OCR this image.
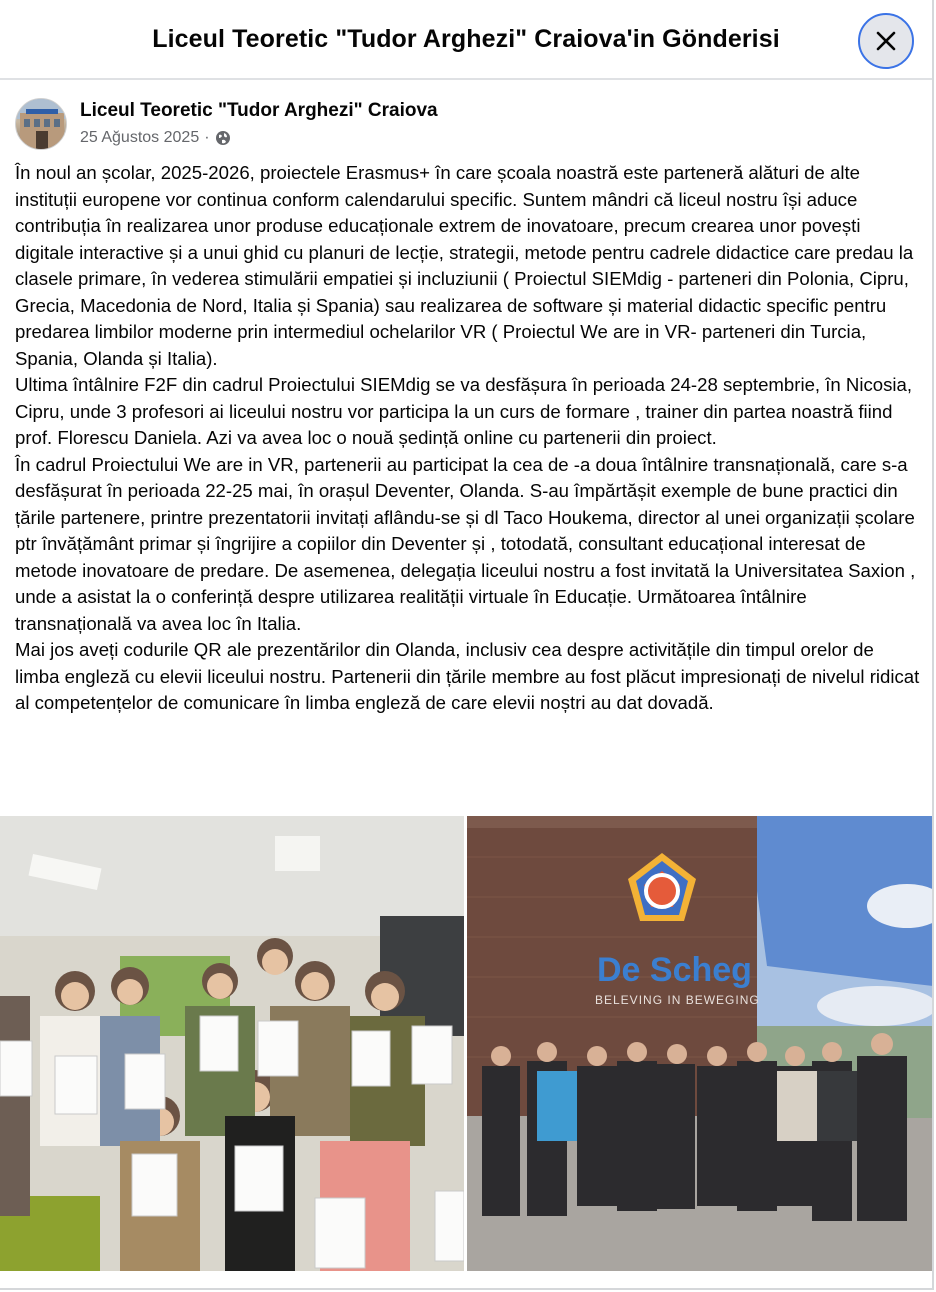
Liceul Teoretic "Tudor Arghezi" Craiova'in Gönderisi
Liceul Teoretic "Tudor Arghezi" Craiova
25 Ağustos 2025 ·

În noul an școlar, 2025-2026, proiectele Erasmus+ în care școala noastră este parteneră alături de alte instituții europene vor continua conform calendarului specific. Suntem mândri că liceul nostru își aduce contribuția în realizarea unor produse educaționale extrem de inovatoare, precum crearea unor povești digitale interactive și a unui ghid cu planuri de lecție, strategii, metode pentru cadrele didactice care predau la clasele primare, în vederea stimulării empatiei și incluziunii ( Proiectul SIEMdig - parteneri din Polonia, Cipru, Grecia, Macedonia de Nord, Italia și Spania) sau realizarea de software și material didactic specific pentru predarea limbilor moderne prin intermediul ochelarilor VR ( Proiectul We are in VR- parteneri din Turcia, Spania, Olanda și Italia).

Ultima întâlnire F2F din cadrul Proiectului SIEMdig se va desfășura în perioada 24-28 septembrie, în Nicosia, Cipru, unde 3 profesori ai liceului nostru vor participa la un curs de formare , trainer din partea noastră fiind prof. Florescu Daniela. Azi va avea loc o nouă ședință online cu partenerii din proiect.

În cadrul Proiectului We are in VR, partenerii au participat la cea de -a doua întâlnire transnațională, care s-a desfășurat în perioada 22-25 mai, în orașul Deventer, Olanda. S-au împărtășit exemple de bune practici din țările partenere, printre prezentatorii invitați aflându-se și dl Taco Houkema, director al unei organizații școlare ptr învățământ primar și îngrijire a copiilor din Deventer și , totodată, consultant educațional interesat de metode inovatoare de predare. De asemenea, delegația liceului nostru a fost invitată la Universitatea Saxion , unde a asistat la o conferință despre utilizarea realității virtuale în Educație. Următoarea întâlnire transnațională va avea loc în Italia.

Mai jos aveți codurile QR ale prezentărilor din Olanda, inclusiv cea despre activitățile din timpul orelor de limba engleză cu elevii liceului nostru. Partenerii din țările membre au fost plăcut impresionați de nivelul ridicat al competențelor de comunicare în limba engleză de care elevii noștri au dat dovadă.

De Scheg
BELEVING IN BEWEGING
